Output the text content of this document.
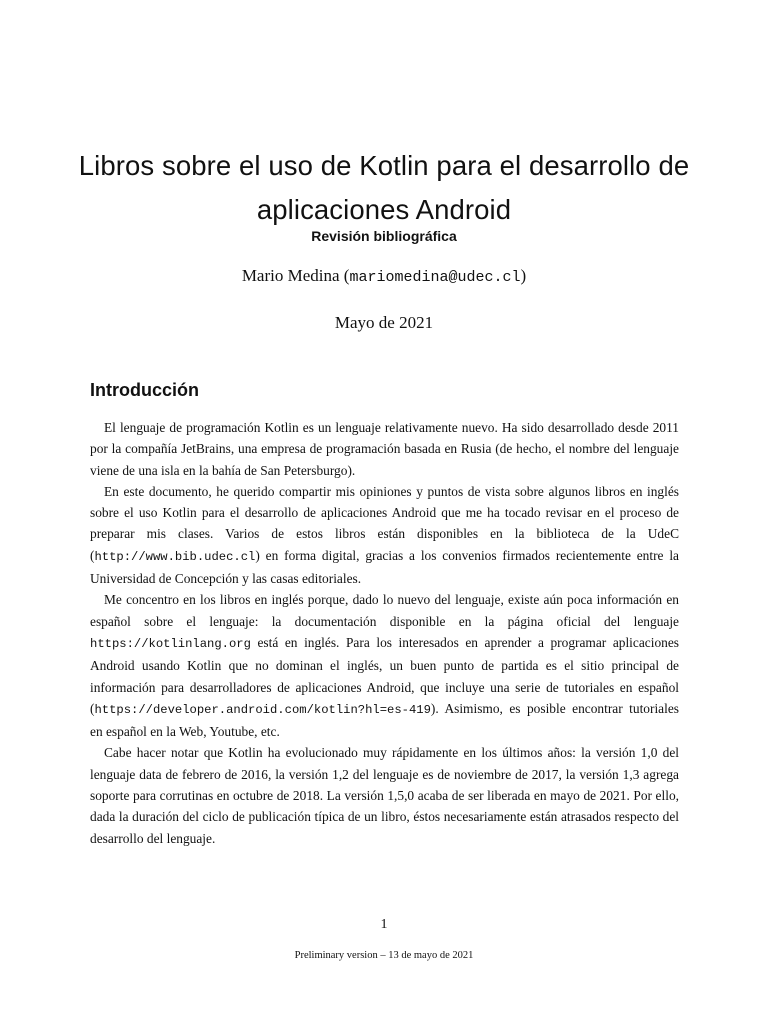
Libros sobre el uso de Kotlin para el desarrollo de aplicaciones Android
Revisión bibliográfica
Mario Medina (mariomedina@udec.cl)
Mayo de 2021
Introducción

El lenguaje de programación Kotlin es un lenguaje relativamente nuevo. Ha sido desarrollado desde 2011 por la compañía JetBrains, una empresa de programación basada en Rusia (de hecho, el nombre del lenguaje viene de una isla en la bahía de San Petersburgo).

En este documento, he querido compartir mis opiniones y puntos de vista sobre algunos libros en inglés sobre el uso Kotlin para el desarrollo de aplicaciones Android que me ha tocado revisar en el proceso de preparar mis clases. Varios de estos libros están disponibles en la biblioteca de la UdeC (http://www.bib.udec.cl) en forma digital, gracias a los convenios firmados recientemente entre la Universidad de Concepción y las casas editoriales.

Me concentro en los libros en inglés porque, dado lo nuevo del lenguaje, existe aún poca información en español sobre el lenguaje: la documentación disponible en la página oficial del lenguaje https://kotlinlang.org está en inglés. Para los interesados en aprender a programar aplicaciones Android usando Kotlin que no dominan el inglés, un buen punto de partida es el sitio principal de información para desarrolladores de aplicaciones Android, que incluye una serie de tutoriales en español (https://developer.android.com/kotlin?hl=es-419). Asimismo, es posible encontrar tutoriales en español en la Web, Youtube, etc.

Cabe hacer notar que Kotlin ha evolucionado muy rápidamente en los últimos años: la versión 1,0 del lenguaje data de febrero de 2016, la versión 1,2 del lenguaje es de noviembre de 2017, la versión 1,3 agrega soporte para corrutinas en octubre de 2018. La versión 1,5,0 acaba de ser liberada en mayo de 2021. Por ello, dada la duración del ciclo de publicación típica de un libro, éstos necesariamente están atrasados respecto del desarrollo del lenguaje.

1
Preliminary version – 13 de mayo de 2021
